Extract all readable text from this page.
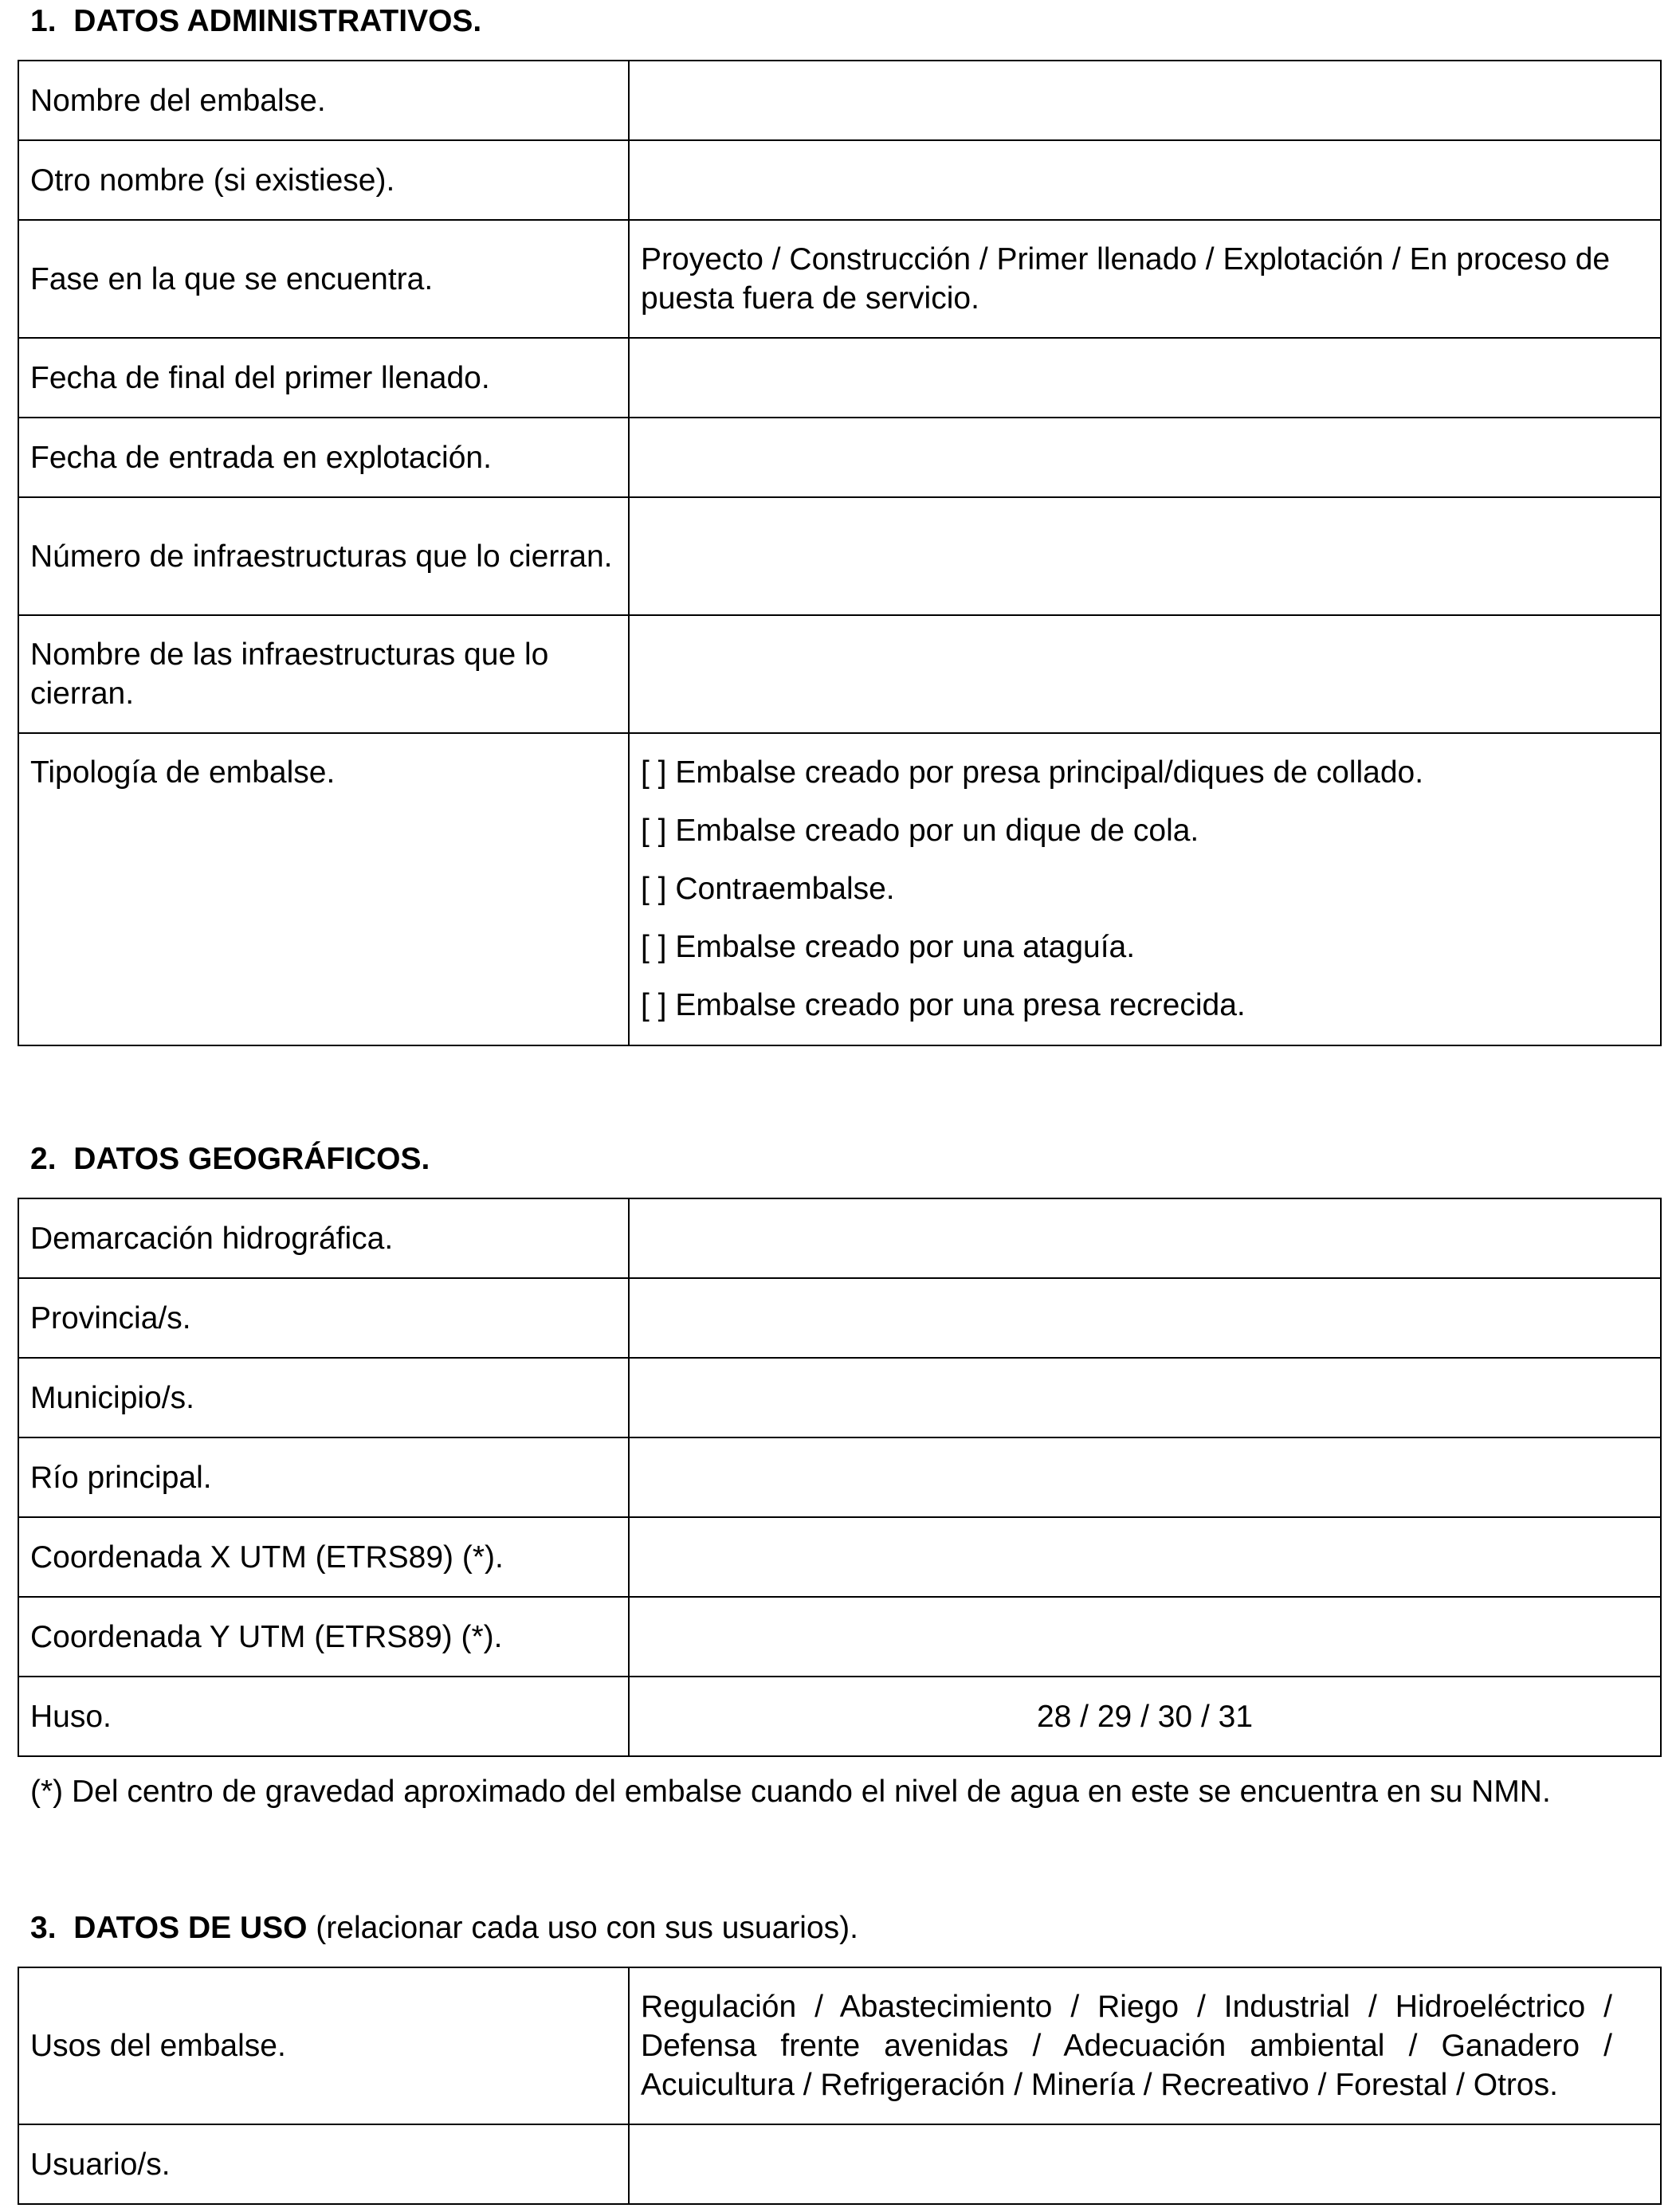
1. DATOS ADMINISTRATIVOS.
Nombre del embalse.	
Otro nombre (si existiese).	
Fase en la que se encuentra.	Proyecto / Construcción / Primer llenado / Explotación / En proceso de puesta fuera de servicio.
Fecha de final del primer llenado.	
Fecha de entrada en explotación.	
Número de infraestructuras que lo cierran.	
Nombre de las infraestructuras que lo cierran.	
Tipología de embalse.	[ ] Embalse creado por presa principal/diques de collado.
[ ] Embalse creado por un dique de cola.
[ ] Contraembalse.
[ ] Embalse creado por una ataguía.
[ ] Embalse creado por una presa recrecida.
2. DATOS GEOGRÁFICOS.
Demarcación hidrográfica.	
Provincia/s.	
Municipio/s.	
Río principal.	
Coordenada X UTM (ETRS89) (*).	
Coordenada Y UTM (ETRS89) (*).	
Huso.	28 / 29 / 30 / 31
(*) Del centro de gravedad aproximado del embalse cuando el nivel de agua en este se encuentra en su NMN.
3. DATOS DE USO (relacionar cada uso con sus usuarios).
Usos del embalse.	Regulación / Abastecimiento / Riego / Industrial / Hidroeléctrico / Defensa frente avenidas / Adecuación ambiental / Ganadero / Acuicultura / Refrigeración / Minería / Recreativo / Forestal / Otros.
Usuario/s.	
